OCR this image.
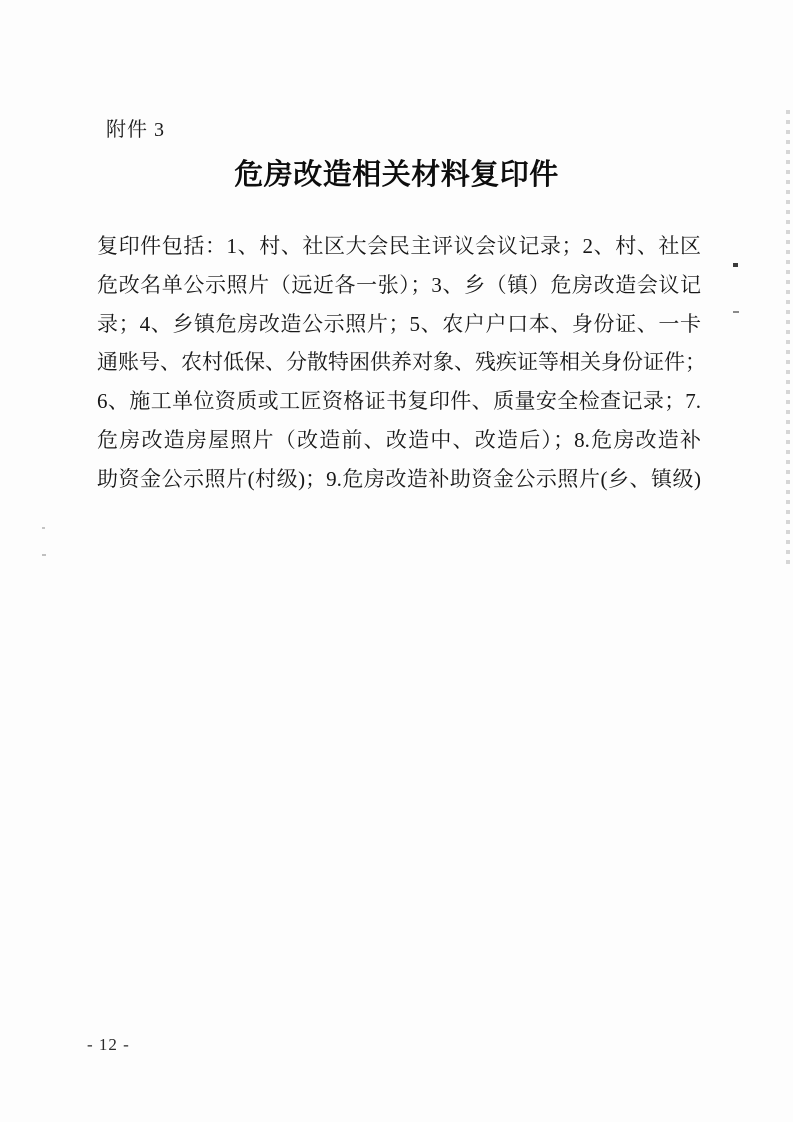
附件 3
危房改造相关材料复印件
复印件包括：1、村、社区大会民主评议会议记录；2、村、社区
危改名单公示照片（远近各一张）；3、乡（镇）危房改造会议记
录；4、乡镇危房改造公示照片；5、农户户口本、身份证、一卡
通账号、农村低保、分散特困供养对象、残疾证等相关身份证件；
6、施工单位资质或工匠资格证书复印件、质量安全检查记录；7.
危房改造房屋照片（改造前、改造中、改造后）；8.危房改造补
助资金公示照片(村级)；9.危房改造补助资金公示照片(乡、镇级)
- 12 -
